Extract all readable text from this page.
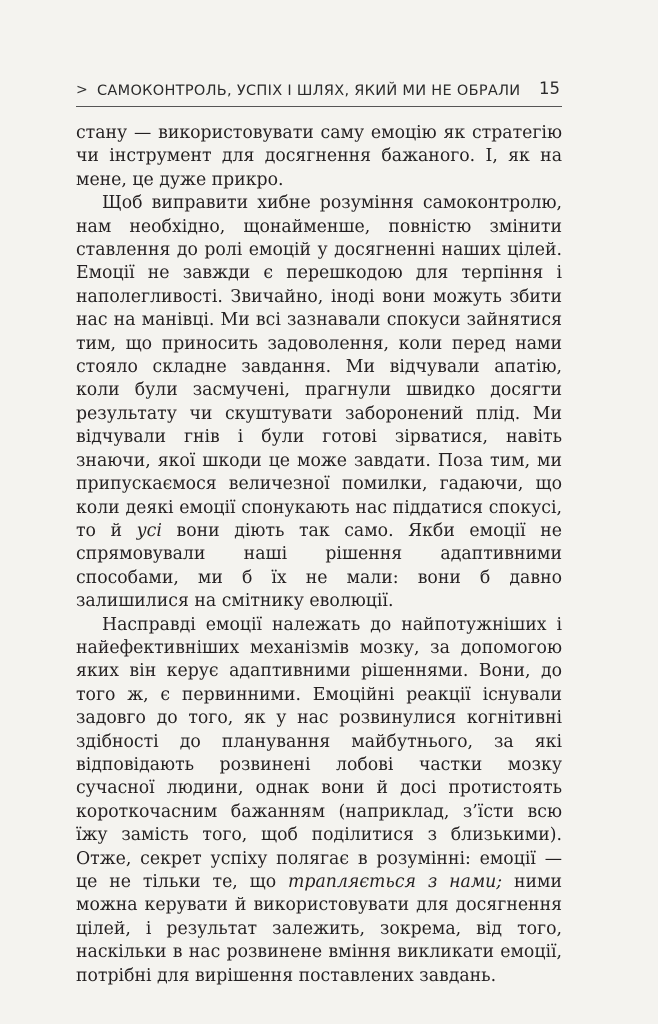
> САМОКОНТРОЛЬ, УСПІХ І ШЛЯХ, ЯКИЙ МИ НЕ ОБРАЛИ 15

стану — використовувати саму емоцію як стратегію чи інструмент для досягнення бажаного. І, як на мене, це дуже прикро.

Щоб виправити хибне розуміння самоконтролю, нам необхідно, щонайменше, повністю змінити ставлення до ролі емоцій у досягненні наших цілей. Емоції не завжди є перешкодою для терпіння і наполегливості. Звичайно, іноді вони можуть збити нас на манівці. Ми всі зазнавали спокуси зайнятися тим, що приносить задоволення, коли перед нами стояло складне завдання. Ми відчували апатію, коли були засмучені, прагнули швидко досягти результату чи скуштувати заборонений плід. Ми відчували гнів і були готові зірватися, навіть знаючи, якої шкоди це може завдати. Поза тим, ми припускаємося величезної помилки, гадаючи, що коли деякі емоції спонукають нас піддатися спокусі, то й усі вони діють так само. Якби емоції не спрямовували наші рішення адаптивними способами, ми б їх не мали: вони б давно залишилися на смітнику еволюції.

Насправді емоції належать до найпотужніших і найефективніших механізмів мозку, за допомогою яких він керує адаптивними рішеннями. Вони, до того ж, є первинними. Емоційні реакції існували задовго до того, як у нас розвинулися когнітивні здібності до планування майбутнього, за які відповідають розвинені лобові частки мозку сучасної людини, однак вони й досі протистоять короткочасним бажанням (наприклад, з’їсти всю їжу замість того, щоб поділитися з близькими). Отже, секрет успіху полягає в розумінні: емоції — це не тільки те, що трапляється з нами; ними можна керувати й використовувати для досягнення цілей, і результат залежить, зокрема, від того, наскільки в нас розвинене вміння викликати емоції, потрібні для вирішення поставлених завдань.
